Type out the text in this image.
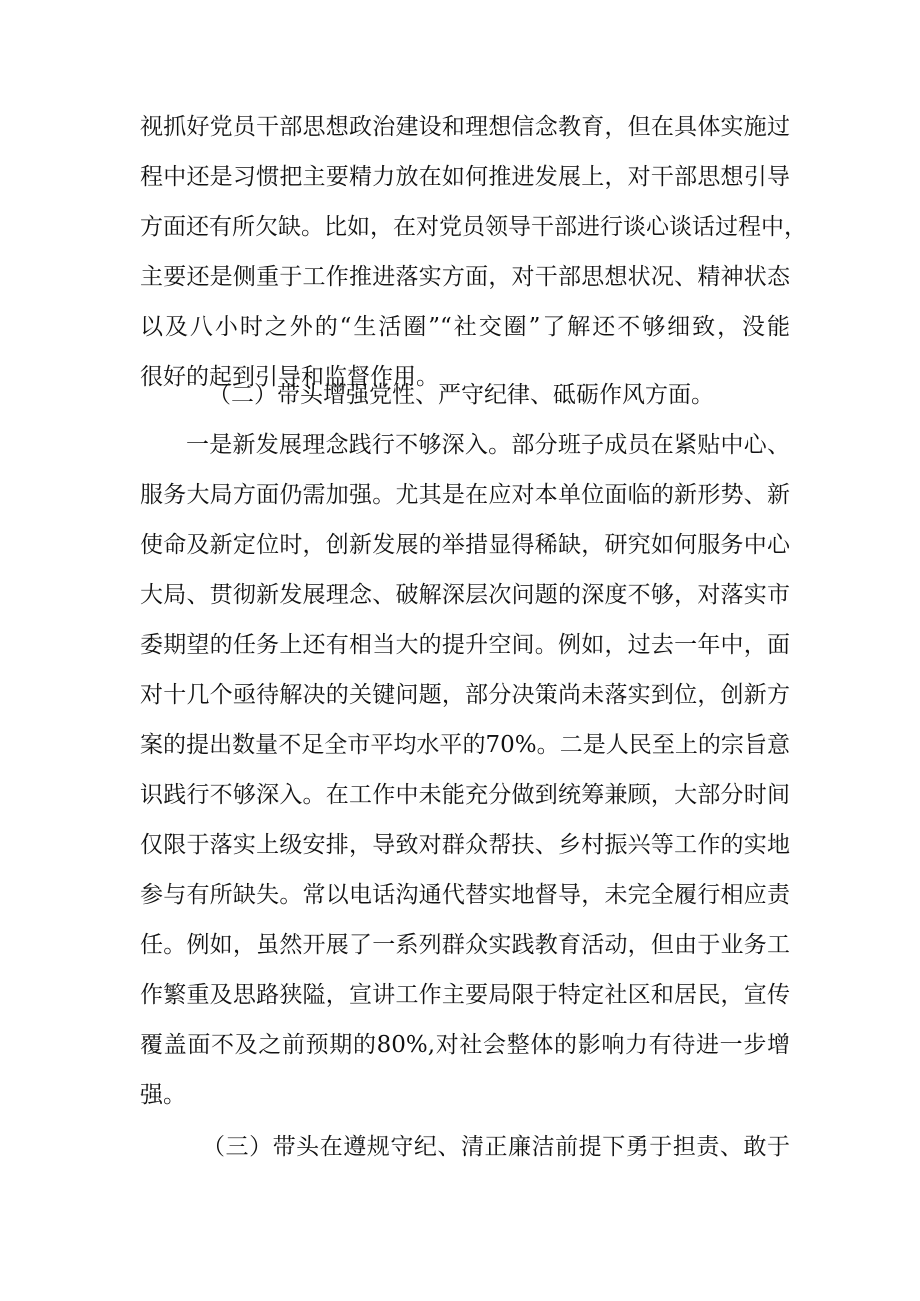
视抓好党员干部思想政治建设和理想信念教育，但在具体实施过
程中还是习惯把主要精力放在如何推进发展上，对干部思想引导
方面还有所欠缺。比如，在对党员领导干部进行谈心谈话过程中，
主要还是侧重于工作推进落实方面，对干部思想状况、精神状态
以及八小时之外的“生活圈”“社交圈”了解还不够细致，没能
很好的起到引导和监督作用。
（二）带头增强党性、严守纪律、砥砺作风方面。
一是新发展理念践行不够深入。部分班子成员在紧贴中心、
服务大局方面仍需加强。尤其是在应对本单位面临的新形势、新
使命及新定位时，创新发展的举措显得稀缺，研究如何服务中心
大局、贯彻新发展理念、破解深层次问题的深度不够，对落实市
委期望的任务上还有相当大的提升空间。例如，过去一年中，面
对十几个亟待解决的关键问题，部分决策尚未落实到位，创新方
案的提出数量不足全市平均水平的70%。二是人民至上的宗旨意
识践行不够深入。在工作中未能充分做到统筹兼顾，大部分时间
仅限于落实上级安排，导致对群众帮扶、乡村振兴等工作的实地
参与有所缺失。常以电话沟通代替实地督导，未完全履行相应责
任。例如，虽然开展了一系列群众实践教育活动，但由于业务工
作繁重及思路狭隘，宣讲工作主要局限于特定社区和居民，宣传
覆盖面不及之前预期的80%,对社会整体的影响力有待进一步增
强。
（三）带头在遵规守纪、清正廉洁前提下勇于担责、敢于
